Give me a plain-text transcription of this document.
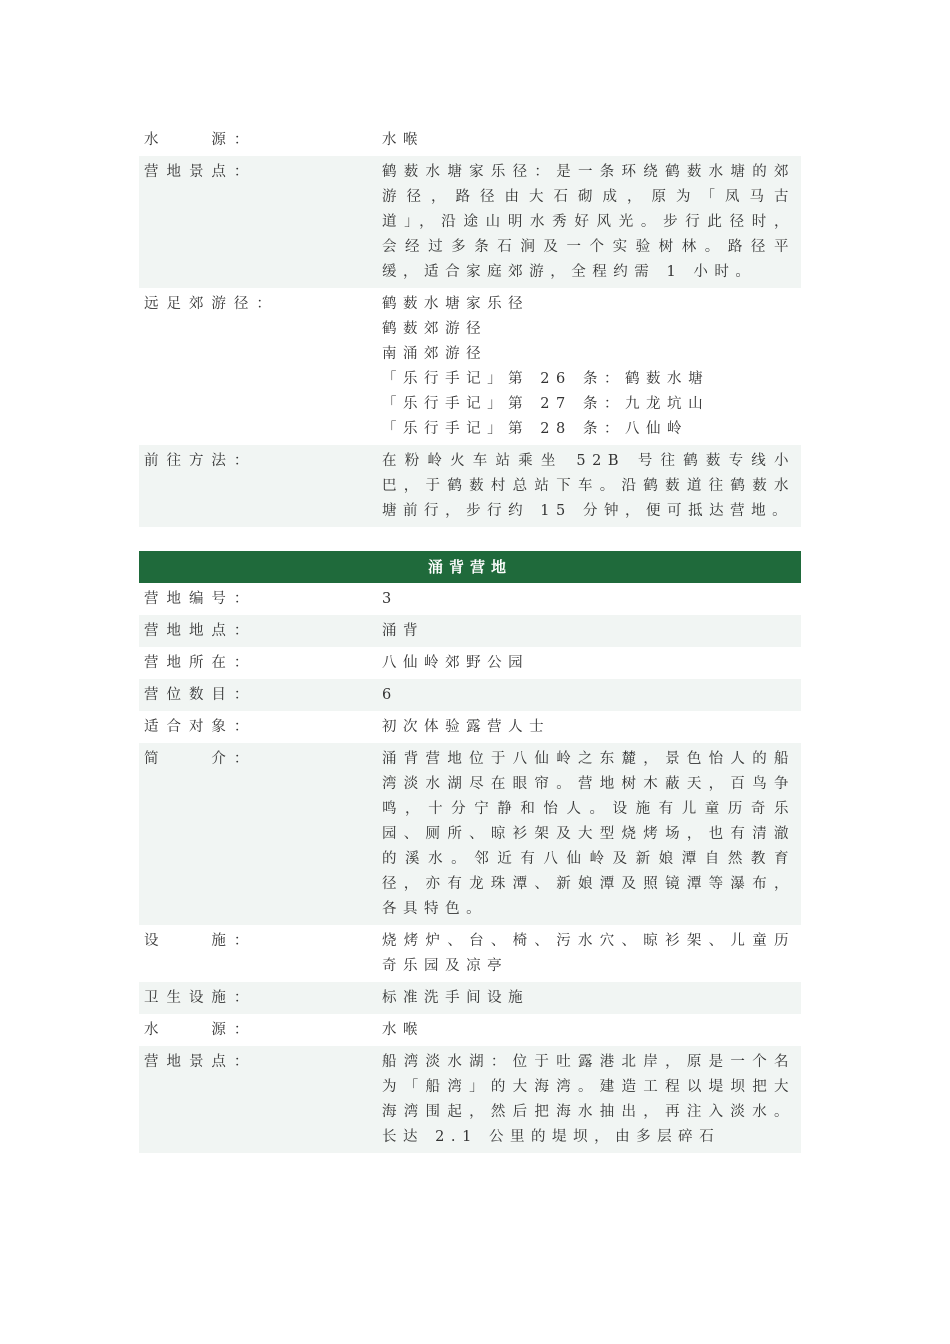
水　　源：	水喉
营地景点：	鹤薮水塘家乐径：是一条环绕鹤薮水塘的郊游径，路径由大石砌成，原为「凤马古道」，沿途山明水秀好风光。步行此径时，会经过多条石涧及一个实验树林。路径平缓，适合家庭郊游，全程约需 1 小时。
远足郊游径：	鹤薮水塘家乐径
鹤薮郊游径
南涌郊游径
「乐行手记」第 26 条：鹤薮水塘
「乐行手记」第 27 条：九龙坑山
「乐行手记」第 28 条：八仙岭
前往方法：	在粉岭火车站乘坐 52B 号往鹤薮专线小巴，于鹤薮村总站下车。沿鹤薮道往鹤薮水塘前行，步行约 15 分钟，便可抵达营地。
涌背营地
营地编号：	3
营地地点：	涌背
营地所在：	八仙岭郊野公园
营位数目：	6
适合对象：	初次体验露营人士
简　　介：	涌背营地位于八仙岭之东麓，景色怡人的船湾淡水湖尽在眼帘。营地树木蔽天，百鸟争鸣，十分宁静和怡人。设施有儿童历奇乐园、厕所、晾衫架及大型烧烤场，也有清澈的溪水。邻近有八仙岭及新娘潭自然教育径，亦有龙珠潭、新娘潭及照镜潭等瀑布，各具特色。
设　　施：	烧烤炉、台、椅、污水穴、晾衫架、儿童历奇乐园及凉亭
卫生设施：	标准洗手间设施
水　　源：	水喉
营地景点：	船湾淡水湖：位于吐露港北岸，原是一个名为「船湾」的大海湾。建造工程以堤坝把大海湾围起，然后把海水抽出，再注入淡水。长达 2.1 公里的堤坝，由多层碎石
